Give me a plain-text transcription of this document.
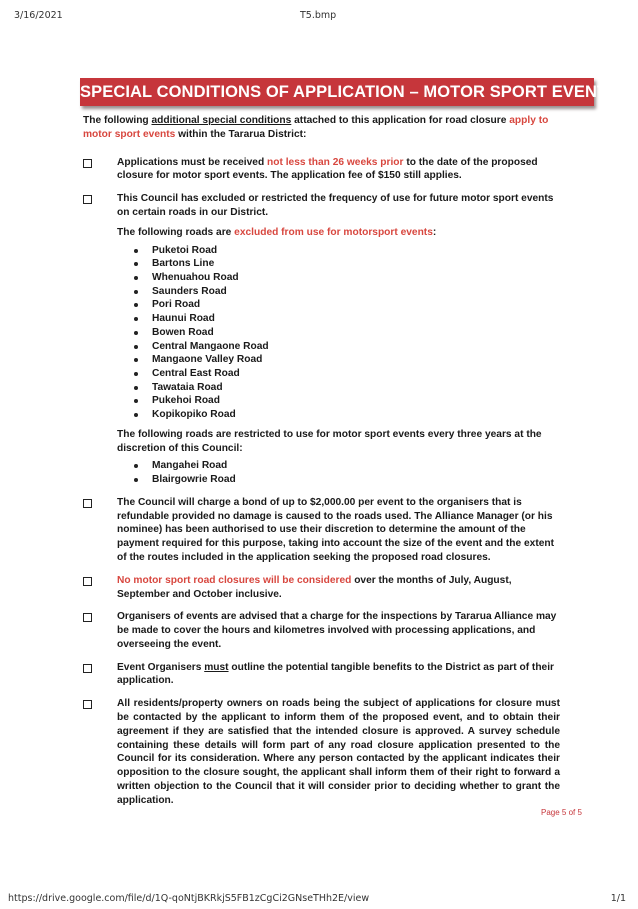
3/16/2021	T5.bmp
SPECIAL CONDITIONS OF APPLICATION – MOTOR SPORT EVENTS

The following additional special conditions attached to this application for road closure apply to motor sport events within the Tararua District:

Applications must be received not less than 26 weeks prior to the date of the proposed closure for motor sport events. The application fee of $150 still applies.

This Council has excluded or restricted the frequency of use for future motor sport events on certain roads in our District.

The following roads are excluded from use for motorsport events:

Puketoi Road
Bartons Line
Whenuahou Road
Saunders Road
Pori Road
Haunui Road
Bowen Road
Central Mangaone Road
Mangaone Valley Road
Central East Road
Tawataia Road
Pukehoi Road
Kopikopiko Road

The following roads are restricted to use for motor sport events every three years at the discretion of this Council:

Mangahei Road
Blairgowrie Road

The Council will charge a bond of up to $2,000.00 per event to the organisers that is refundable provided no damage is caused to the roads used. The Alliance Manager (or his nominee) has been authorised to use their discretion to determine the amount of the payment required for this purpose, taking into account the size of the event and the extent of the routes included in the application seeking the proposed road closures.

No motor sport road closures will be considered over the months of July, August, September and October inclusive.

Organisers of events are advised that a charge for the inspections by Tararua Alliance may be made to cover the hours and kilometres involved with processing applications, and overseeing the event.

Event Organisers must outline the potential tangible benefits to the District as part of their application.

All residents/property owners on roads being the subject of applications for closure must be contacted by the applicant to inform them of the proposed event, and to obtain their agreement if they are satisfied that the intended closure is approved. A survey schedule containing these details will form part of any road closure application presented to the Council for its consideration. Where any person contacted by the applicant indicates their opposition to the closure sought, the applicant shall inform them of their right to forward a written objection to the Council that it will consider prior to deciding whether to grant the application.

Page 5 of 5
https://drive.google.com/file/d/1Q-qoNtjBKRkjS5FB1zCgCi2GNseTHh2E/view	1/1
